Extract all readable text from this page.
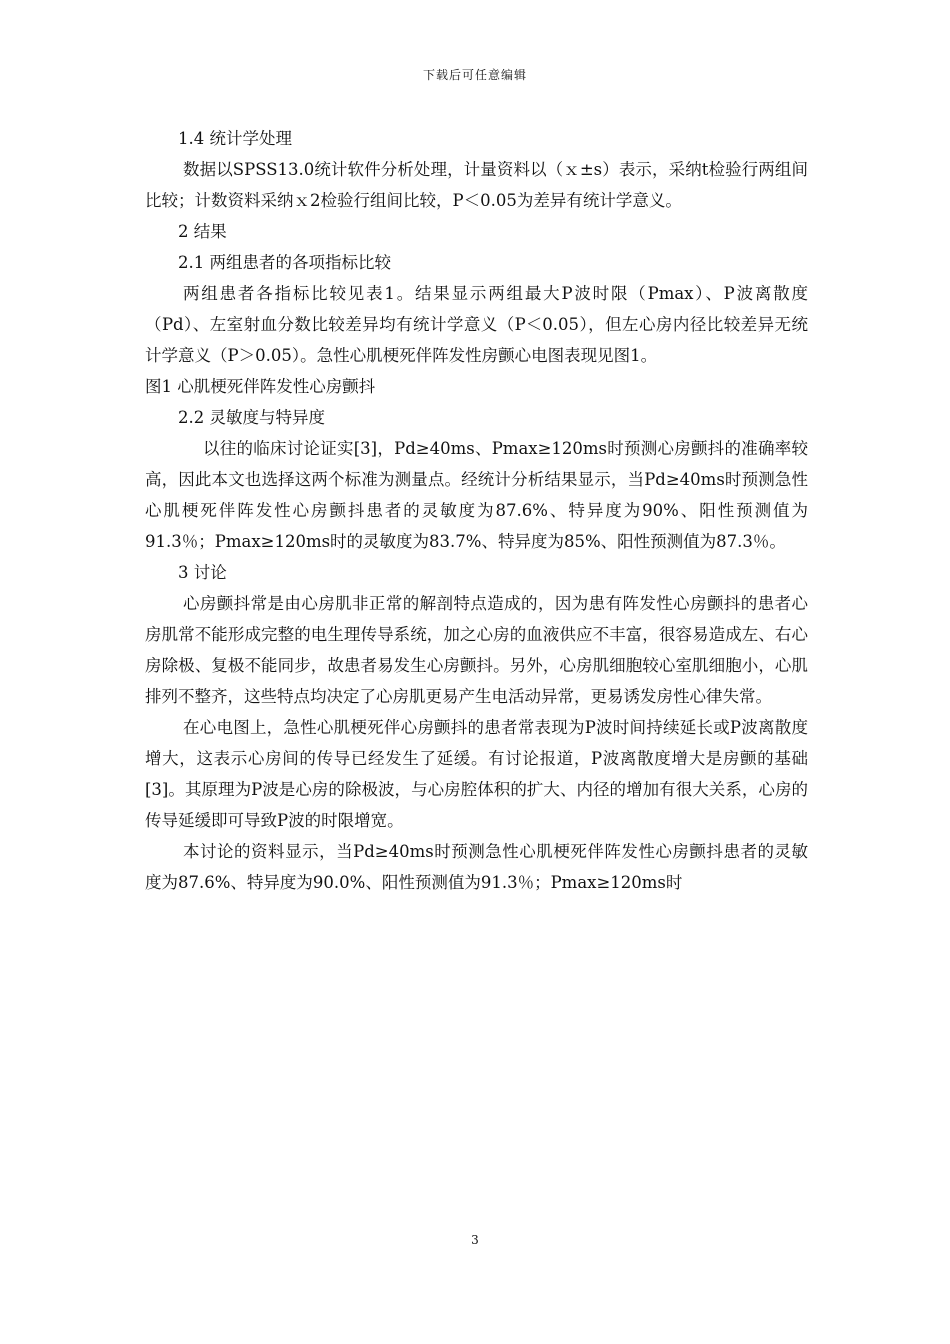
下载后可任意编辑

1.4 统计学处理

数据以SPSS13.0统计软件分析处理，计量资料以（ｘ±s）表示，采纳t检验行两组间比较；计数资料采纳ｘ2检验行组间比较，P＜0.05为差异有统计学意义。

2 结果

2.1 两组患者的各项指标比较

两组患者各指标比较见表1。结果显示两组最大P波时限（Pmax）、P波离散度（Pd）、左室射血分数比较差异均有统计学意义（P＜0.05），但左心房内径比较差异无统计学意义（P＞0.05）。急性心肌梗死伴阵发性房颤心电图表现见图1。

图1 心肌梗死伴阵发性心房颤抖

2.2 灵敏度与特异度

以往的临床讨论证实[3]，Pd≥40ms、Pmax≥120ms时预测心房颤抖的准确率较高，因此本文也选择这两个标准为测量点。经统计分析结果显示，当Pd≥40ms时预测急性心肌梗死伴阵发性心房颤抖患者的灵敏度为87.6%、特异度为90%、阳性预测值为91.3％；Pmax≥120ms时的灵敏度为83.7%、特异度为85%、阳性预测值为87.3％。

3 讨论

心房颤抖常是由心房肌非正常的解剖特点造成的，因为患有阵发性心房颤抖的患者心房肌常不能形成完整的电生理传导系统，加之心房的血液供应不丰富，很容易造成左、右心房除极、复极不能同步，故患者易发生心房颤抖。另外，心房肌细胞较心室肌细胞小，心肌排列不整齐，这些特点均决定了心房肌更易产生电活动异常，更易诱发房性心律失常。

在心电图上，急性心肌梗死伴心房颤抖的患者常表现为P波时间持续延长或P波离散度增大，这表示心房间的传导已经发生了延缓。有讨论报道，P波离散度增大是房颤的基础[3]。其原理为P波是心房的除极波，与心房腔体积的扩大、内径的增加有很大关系，心房的传导延缓即可导致P波的时限增宽。

本讨论的资料显示，当Pd≥40ms时预测急性心肌梗死伴阵发性心房颤抖患者的灵敏度为87.6%、特异度为90.0%、阳性预测值为91.3％；Pmax≥120ms时

3
